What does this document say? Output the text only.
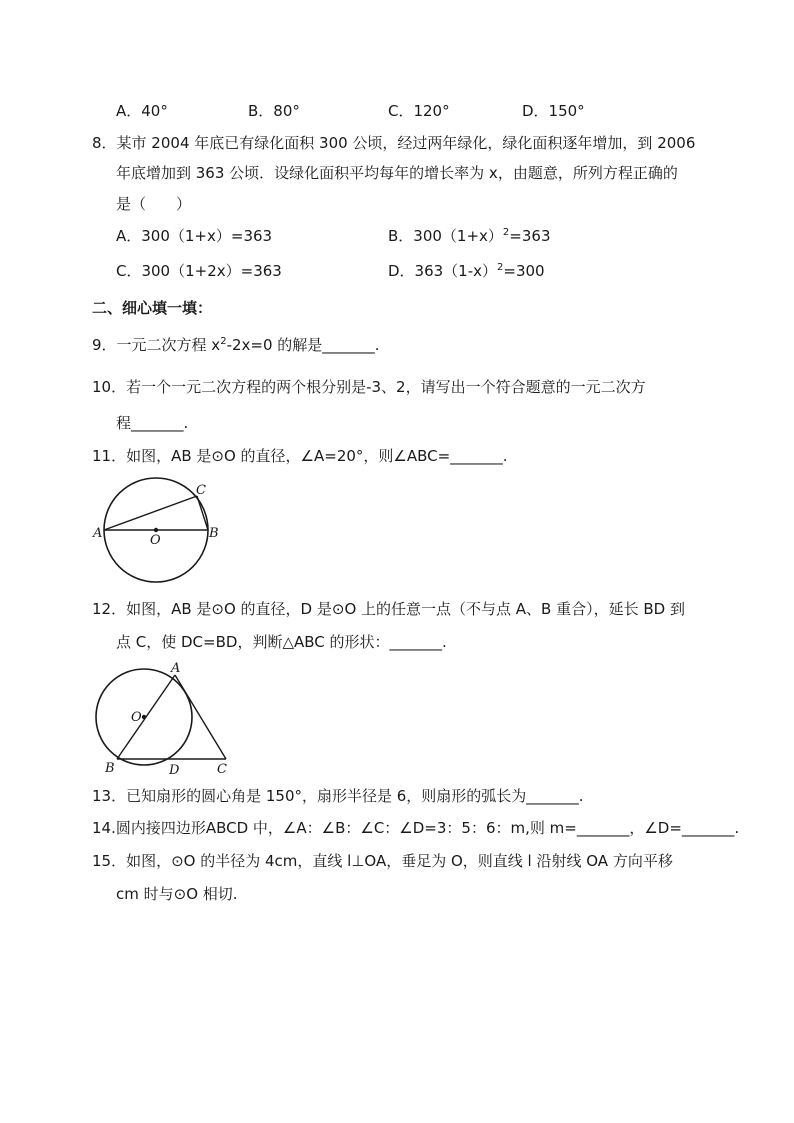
A．40°	B．80°	C．120°	D．150°
8．某市 2004 年底已有绿化面积 300 公顷，经过两年绿化，绿化面积逐年增加，到 2006
年底增加到 363 公顷．设绿化面积平均每年的增长率为 x，由题意，所列方程正确的
是（　　）
A．300（1+x）=363	B．$300(1+x)^2=363$
C．300（1+2x）=363	D．$363(1-x)^2=300$
二、细心填一填：
9．一元二次方程 $x^2-2x=0$ 的解是_______.
10．若一个一元二次方程的两个根分别是-3、2，请写出一个符合题意的一元二次方
程_______.
11．如图，AB 是⊙O 的直径，∠A=20°，则∠ABC=_______.
A	B
C
O
12．如图，AB 是⊙O 的直径，D 是⊙O 上的任意一点（不与点 A、B 重合），延长 BD 到
点 C，使 DC=BD，判断△ABC 的形状：_______.
A
O
B	D	C
13．已知扇形的圆心角是 150°，扇形半径是 6，则扇形的弧长为_______.
14.圆内接四边形ABCD 中，∠A：∠B：∠C：∠D=3：5：6：m,则 m=_______，∠D=_______.
15．如图，⊙O 的半径为 4cm，直线 l⊥OA，垂足为 O，则直线 l 沿射线 OA 方向平移
cm 时与⊙O 相切.
